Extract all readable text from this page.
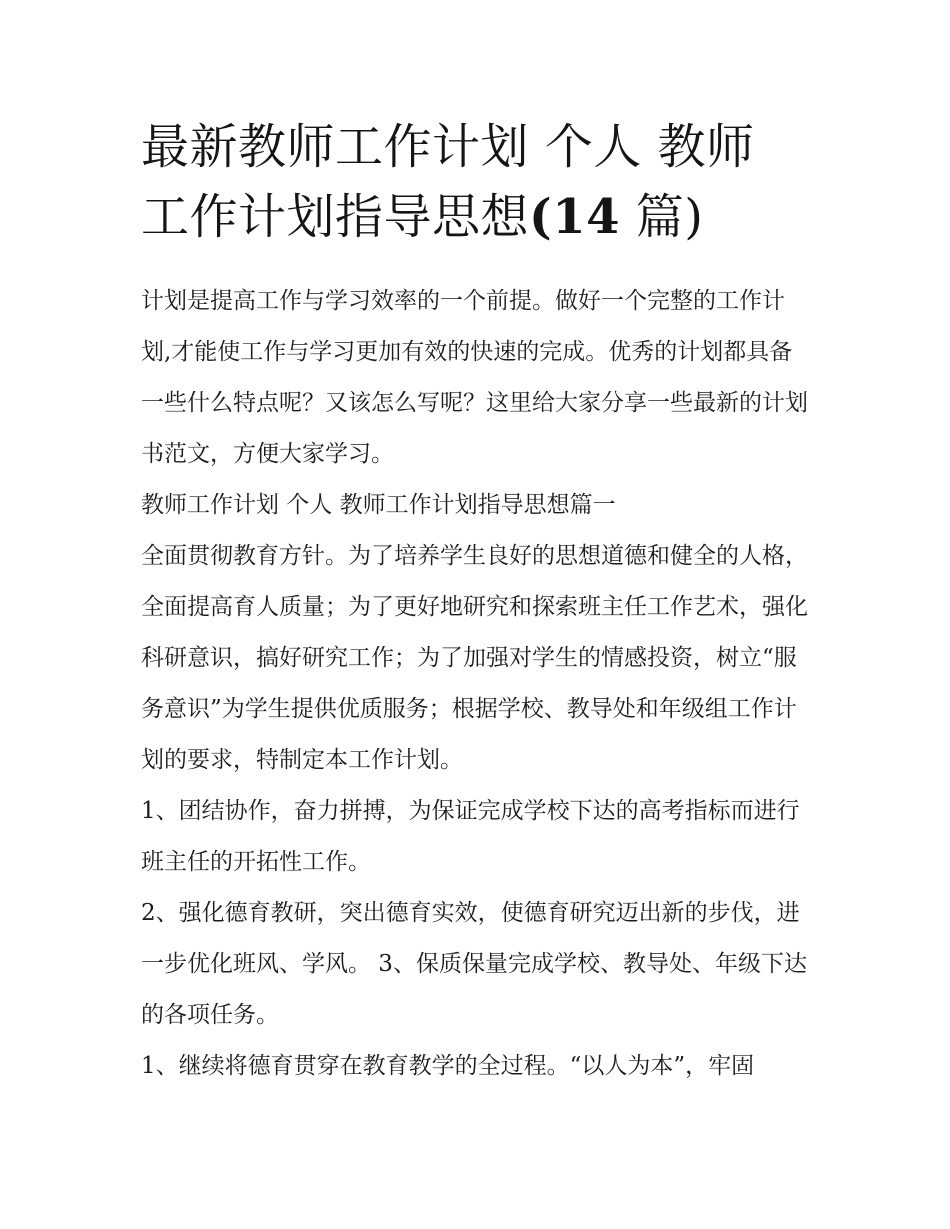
最新教师工作计划 个人 教师
工作计划指导思想(14 篇)

计划是提高工作与学习效率的一个前提。做好一个完整的工作计划,才能使工作与学习更加有效的快速的完成。优秀的计划都具备一些什么特点呢？又该怎么写呢？这里给大家分享一些最新的计划书范文，方便大家学习。

教师工作计划 个人 教师工作计划指导思想篇一

全面贯彻教育方针。为了培养学生良好的思想道德和健全的人格，全面提高育人质量；为了更好地研究和探索班主任工作艺术，强化科研意识，搞好研究工作；为了加强对学生的情感投资，树立“服务意识”为学生提供优质服务；根据学校、教导处和年级组工作计划的要求，特制定本工作计划。

1、团结协作，奋力拼搏，为保证完成学校下达的高考指标而进行班主任的开拓性工作。

2、强化德育教研，突出德育实效，使德育研究迈出新的步伐，进一步优化班风、学风。 3、保质保量完成学校、教导处、年级下达的各项任务。

1、继续将德育贯穿在教育教学的全过程。“以人为本”，牢固
